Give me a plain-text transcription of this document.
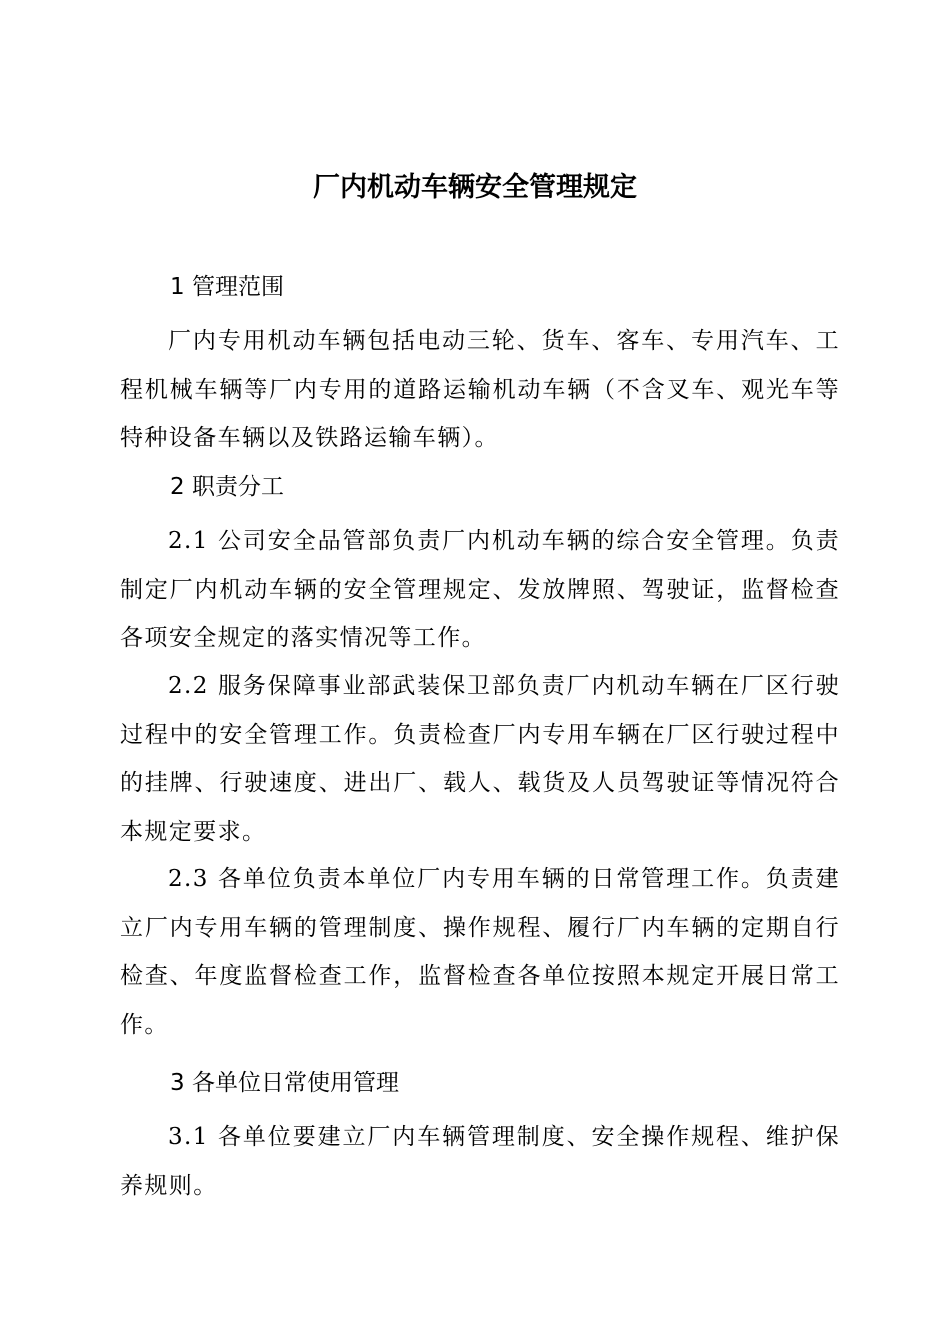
厂内机动车辆安全管理规定
1 管理范围
厂内专用机动车辆包括电动三轮、货车、客车、专用汽车、工程机械车辆等厂内专用的道路运输机动车辆（不含叉车、观光车等特种设备车辆以及铁路运输车辆）。
2 职责分工
2.1 公司安全品管部负责厂内机动车辆的综合安全管理。负责制定厂内机动车辆的安全管理规定、发放牌照、驾驶证，监督检查各项安全规定的落实情况等工作。
2.2 服务保障事业部武装保卫部负责厂内机动车辆在厂区行驶过程中的安全管理工作。负责检查厂内专用车辆在厂区行驶过程中的挂牌、行驶速度、进出厂、载人、载货及人员驾驶证等情况符合本规定要求。
2.3 各单位负责本单位厂内专用车辆的日常管理工作。负责建立厂内专用车辆的管理制度、操作规程、履行厂内车辆的定期自行检查、年度监督检查工作，监督检查各单位按照本规定开展日常工作。
3 各单位日常使用管理
3.1 各单位要建立厂内车辆管理制度、安全操作规程、维护保养规则。
